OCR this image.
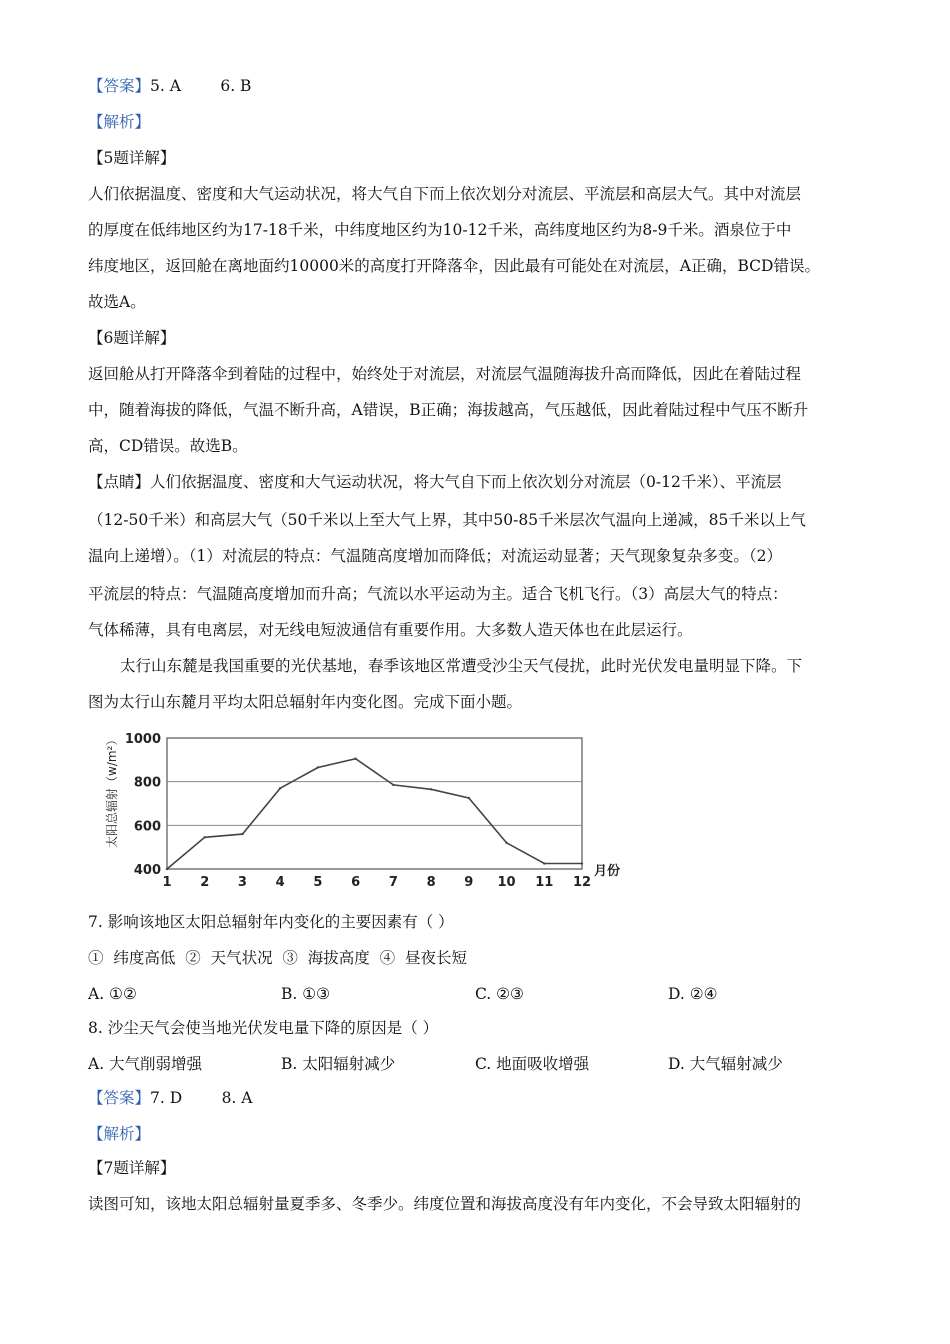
【答案】5. A        6. B
【解析】
【5题详解】
人们依据温度、密度和大气运动状况，将大气自下而上依次划分对流层、平流层和高层大气。其中对流层
的厚度在低纬地区约为17-18千米，中纬度地区约为10-12千米，高纬度地区约为8-9千米。酒泉位于中
纬度地区，返回舱在离地面约10000米的高度打开降落伞，因此最有可能处在对流层，A正确，BCD错误。
故选A。
【6题详解】
返回舱从打开降落伞到着陆的过程中，始终处于对流层，对流层气温随海拔升高而降低，因此在着陆过程
中，随着海拔的降低，气温不断升高，A错误，B正确；海拔越高，气压越低，因此着陆过程中气压不断升
高，CD错误。故选B。
【点睛】人们依据温度、密度和大气运动状况，将大气自下而上依次划分对流层（0-12千米）、平流层
（12-50千米）和高层大气（50千米以上至大气上界，其中50-85千米层次气温向上递减，85千米以上气
温向上递增）。（1）对流层的特点：气温随高度增加而降低；对流运动显著；天气现象复杂多变。（2）
平流层的特点：气温随高度增加而升高；气流以水平运动为主。适合飞机飞行。（3）高层大气的特点：
气体稀薄，具有电离层，对无线电短波通信有重要作用。大多数人造天体也在此层运行。
太行山东麓是我国重要的光伏基地，春季该地区常遭受沙尘天气侵扰，此时光伏发电量明显下降。下
图为太行山东麓月平均太阳总辐射年内变化图。完成下面小题。
400
600
800
1000
1 2 3 4 5 6 7 8 9 10 11 12
太阳总辐射（w/m²）
月份
7. 影响该地区太阳总辐射年内变化的主要因素有（ ）
①  纬度高低  ②  天气状况  ③  海拔高度  ④  昼夜长短
A. ①②	B. ①③	C. ②③	D. ②④
8. 沙尘天气会使当地光伏发电量下降的原因是（ ）
A. 大气削弱增强	B. 太阳辐射减少	C. 地面吸收增强	D. 大气辐射减少
【答案】7. D        8. A
【解析】
【7题详解】
读图可知，该地太阳总辐射量夏季多、冬季少。纬度位置和海拔高度没有年内变化，不会导致太阳辐射的
